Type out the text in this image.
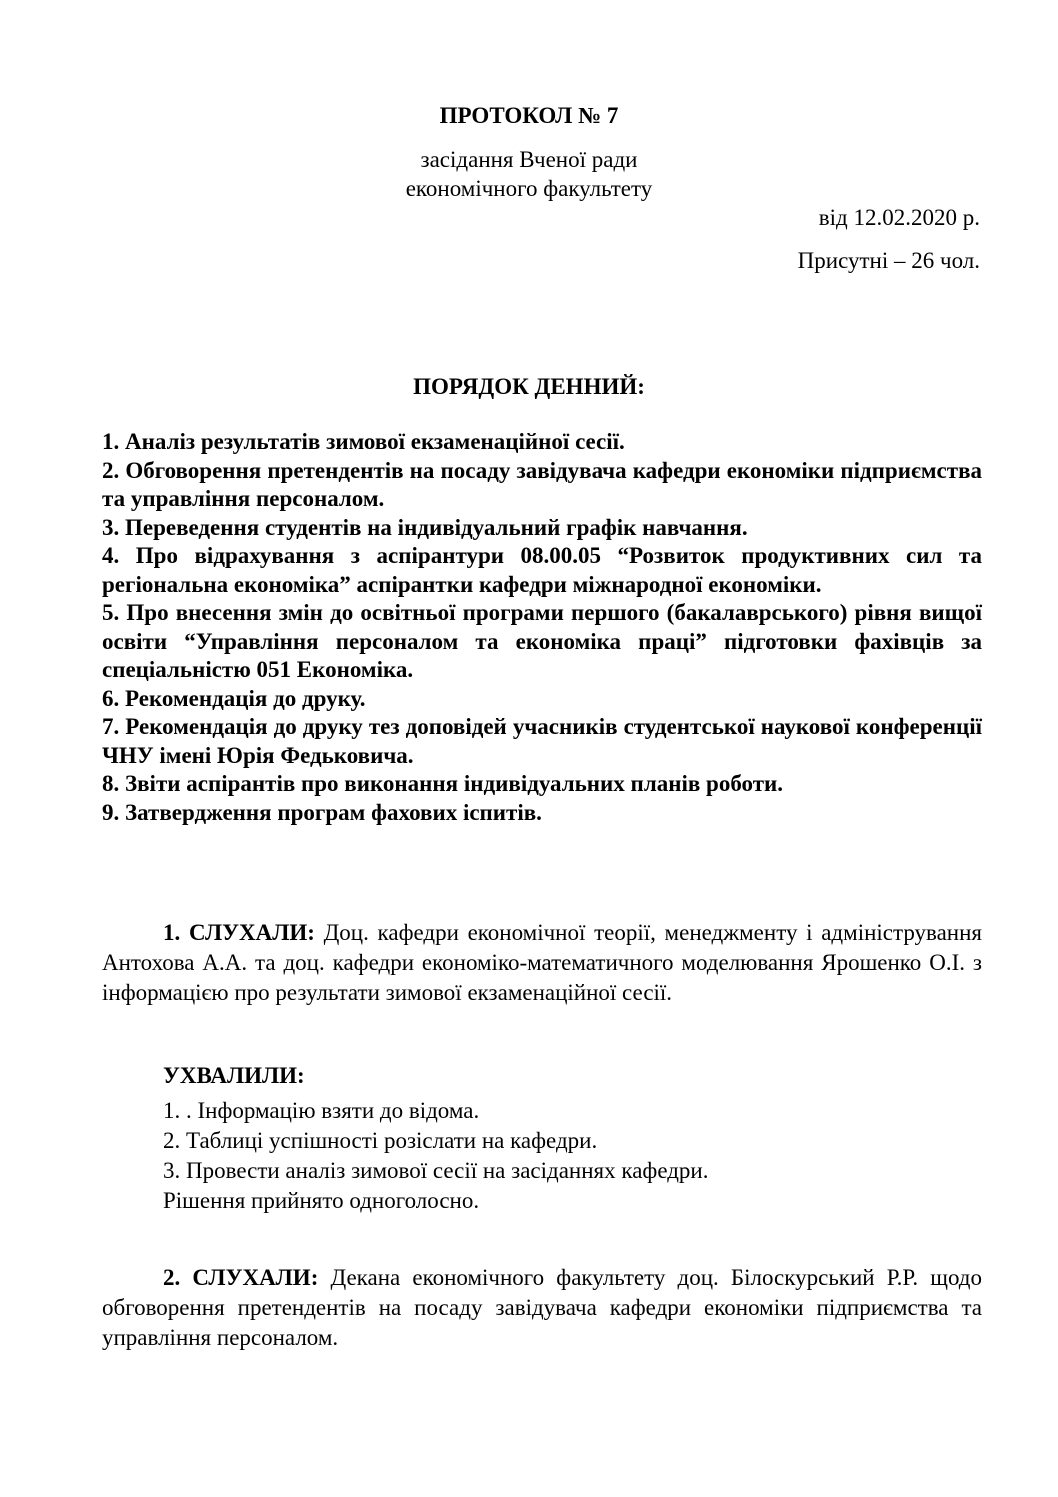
ПРОТОКОЛ № 7
засідання Вченої ради
економічного факультету
від 12.02.2020 р.
Присутні – 26 чол.
ПОРЯДОК ДЕННИЙ:
1. Аналіз результатів зимової екзаменаційної сесії.
2. Обговорення претендентів на посаду завідувача кафедри економіки підприємства та управління персоналом.
3. Переведення студентів на індивідуальний графік навчання.
4. Про відрахування з аспірантури 08.00.05 “Розвиток продуктивних сил та регіональна економіка” аспірантки кафедри міжнародної економіки.
5. Про внесення змін до освітньої програми першого (бакалаврського) рівня вищої освіти “Управління персоналом та економіка праці” підготовки фахівців за спеціальністю 051 Економіка.
6. Рекомендація до друку.
7. Рекомендація до друку тез доповідей учасників студентської наукової конференції ЧНУ імені Юрія Федьковича.
8. Звіти аспірантів про виконання індивідуальних планів роботи.
9. Затвердження програм фахових іспитів.
1. СЛУХАЛИ: Доц. кафедри економічної теорії, менеджменту і адміністрування Антохова А.А. та доц. кафедри економіко-математичного моделювання Ярошенко О.І. з інформацією про результати зимової екзаменаційної сесії.
УХВАЛИЛИ:
1. . Інформацію взяти до відома.
2. Таблиці успішності розіслати на кафедри.
3. Провести аналіз зимової сесії на засіданнях кафедри.
Рішення прийнято одноголосно.
2. СЛУХАЛИ: Декана економічного факультету доц. Білоскурський Р.Р. щодо обговорення претендентів на посаду завідувача кафедри економіки підприємства та управління персоналом.
